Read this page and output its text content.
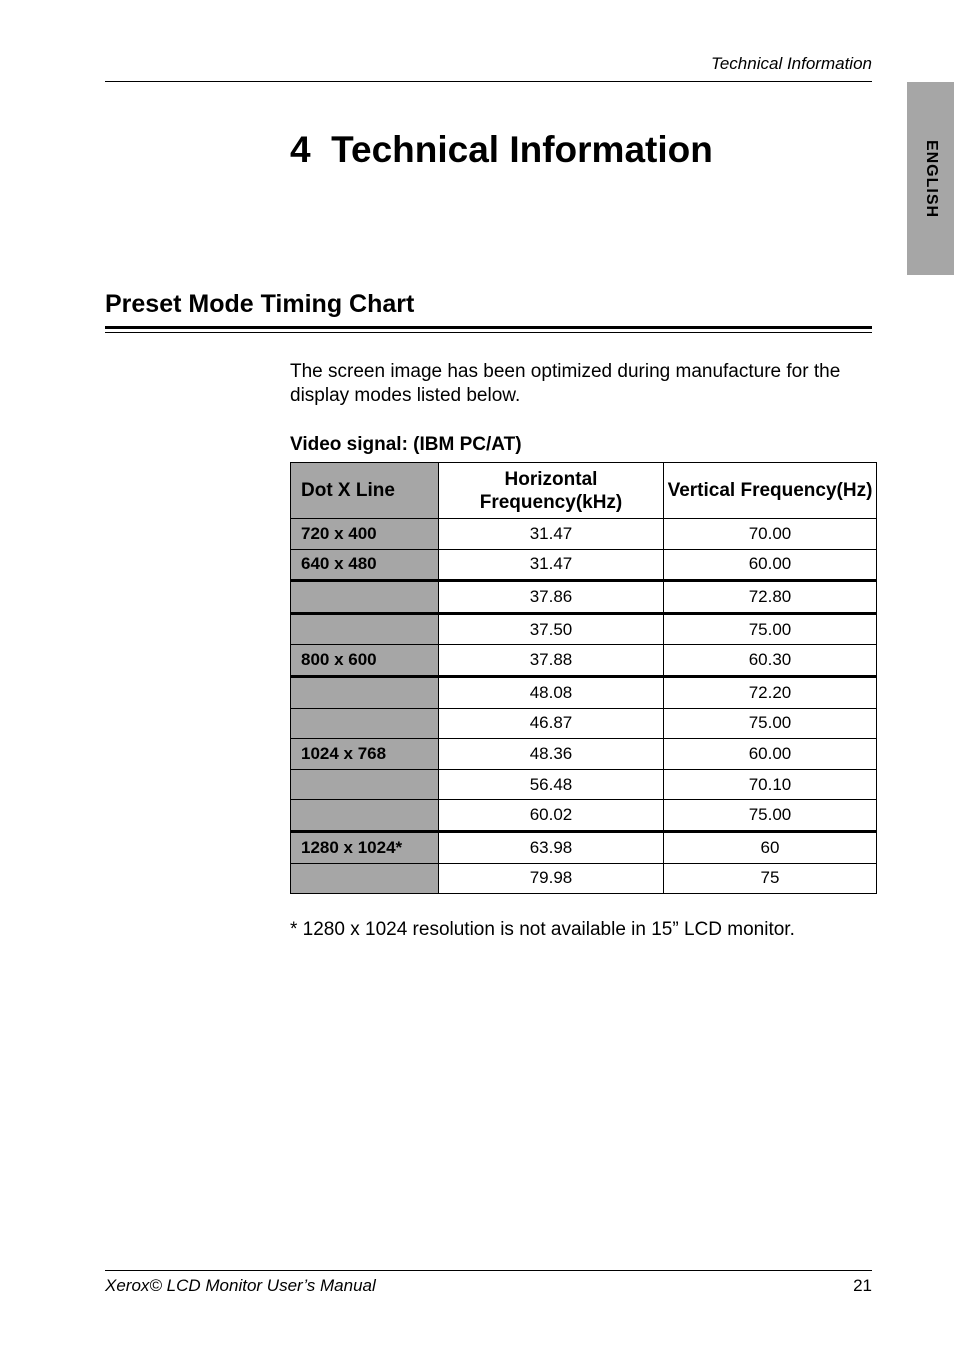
Technical Information
ENGLISH
4  Technical Information
Preset Mode Timing Chart
The screen image has been optimized during manufacture for the display modes listed below.
Video signal: (IBM PC/AT)
Dot X Line	Horizontal Frequency(kHz)	Vertical Frequency(Hz)
720 x 400	31.47	70.00
640 x 480	31.47	60.00
	37.86	72.80
	37.50	75.00
800 x 600	37.88	60.30
	48.08	72.20
	46.87	75.00
1024 x 768	48.36	60.00
	56.48	70.10
	60.02	75.00
1280 x 1024*	63.98	60
	79.98	75
* 1280 x 1024 resolution is not available in 15” LCD monitor.
Xerox© LCD Monitor User’s Manual	21
